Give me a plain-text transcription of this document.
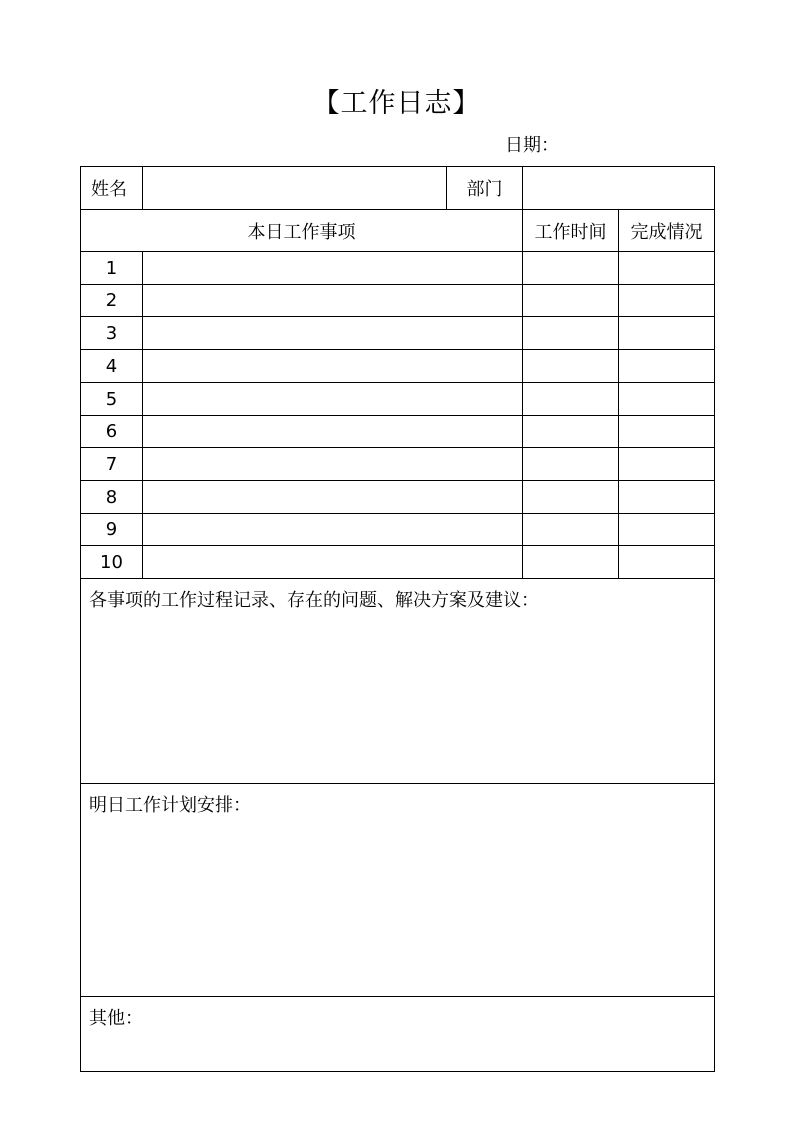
【工作日志】
日期：
姓名	部门
本日工作事项	工作时间	完成情况
1
2
3
4
5
6
7
8
9
10
各事项的工作过程记录、存在的问题、解决方案及建议：
明日工作计划安排：
其他：
